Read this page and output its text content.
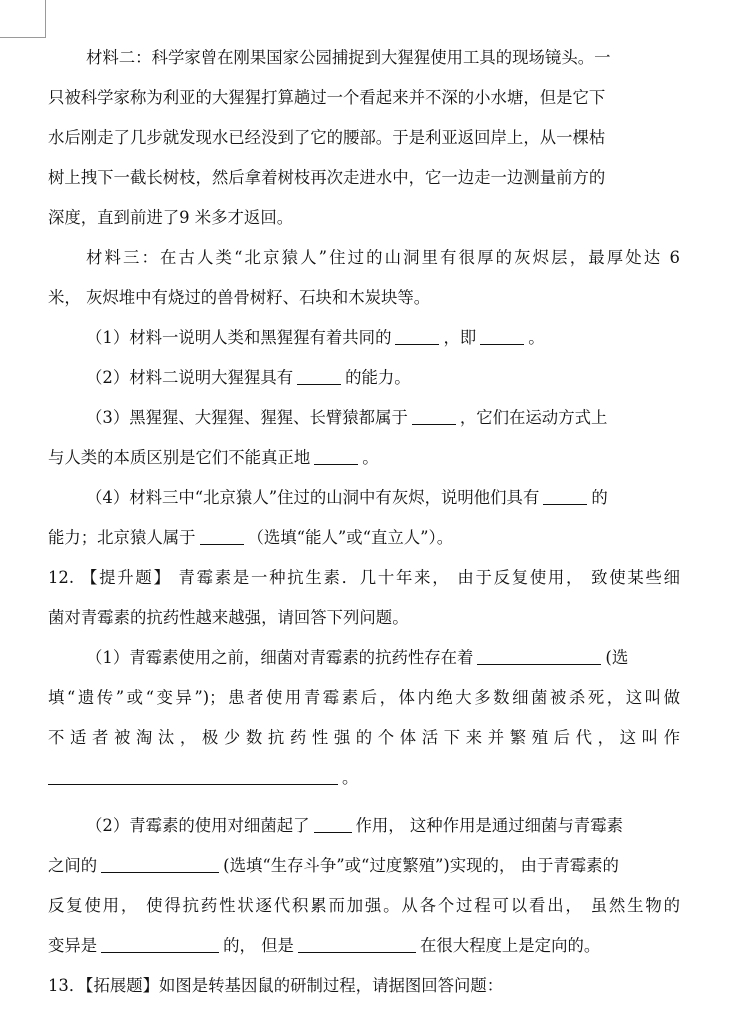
材料二：科学家曾在刚果国家公园捕捉到大猩猩使用工具的现场镜头。一
只被科学家称为利亚的大猩猩打算趟过一个看起来并不深的小水塘，但是它下
水后刚走了几步就发现水已经没到了它的腰部。于是利亚返回岸上，从一棵枯
树上拽下一截长树枝，然后拿着树枝再次走进水中，它一边走一边测量前方的
深度，直到前进了9 米多才返回。
材料三：在古人类“北京猿人”住过的山洞里有很厚的灰烬层，最厚处达 6
米， 灰烬堆中有烧过的兽骨树籽、石块和木炭块等。
（1）材料一说明人类和黑猩猩有着共同的	，即	。
（2）材料二说明大猩猩具有	的能力。
（3）黑猩猩、大猩猩、猩猩、长臂猿都属于	，它们在运动方式上
与人类的本质区别是它们不能真正地	。
（4）材料三中“北京猿人”住过的山洞中有灰烬，说明他们具有	的
能力；北京猿人属于	（选填“能人”或“直立人”）。
12. 【提升题】 青霉素是一种抗生素．几十年来， 由于反复使用， 致使某些细
菌对青霉素的抗药性越来越强，请回答下列问题。
（1）青霉素使用之前，细菌对青霉素的抗药性存在着	(选
填“遗传”或“变异”)；患者使用青霉素后，体内绝大多数细菌被杀死，这叫做
不适者被淘汰，极少数抗药性强的个体活下来并繁殖后代，这叫作
。
（2）青霉素的使用对细菌起了	作用， 这种作用是通过细菌与青霉素
之间的	(选填“生存斗争”或“过度繁殖”)实现的， 由于青霉素的
反复使用， 使得抗药性状逐代积累而加强。从各个过程可以看出， 虽然生物的
变异是	的， 但是	在很大程度上是定向的。
13．【拓展题】如图是转基因鼠的研制过程，请据图回答问题：
